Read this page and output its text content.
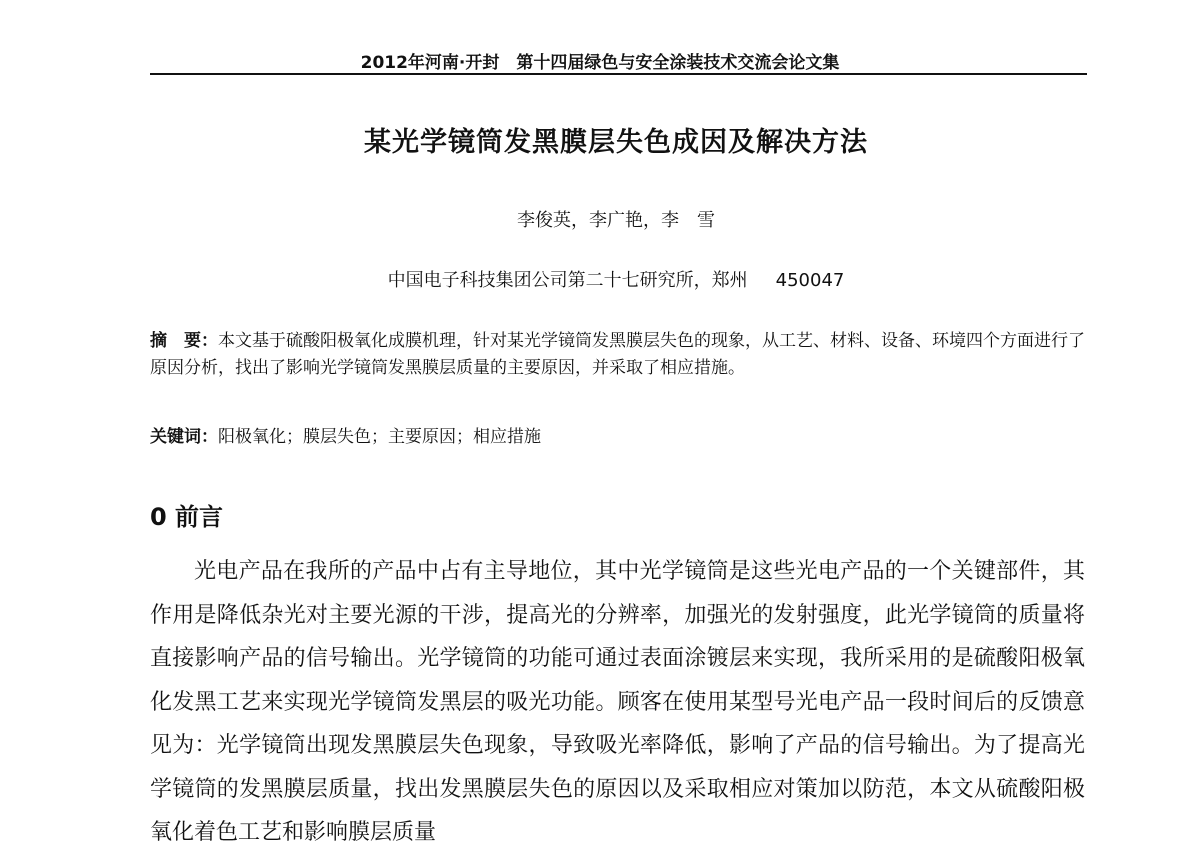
2012年河南·开封　第十四届绿色与安全涂装技术交流会论文集
某光学镜筒发黑膜层失色成因及解决方法
李俊英，李广艳，李　雪
中国电子科技集团公司第二十七研究所，郑州 450047
摘　要：本文基于硫酸阳极氧化成膜机理，针对某光学镜筒发黑膜层失色的现象，从工艺、材料、设备、环境四个方面进行了原因分析，找出了影响光学镜筒发黑膜层质量的主要原因，并采取了相应措施。
关键词：阳极氧化；膜层失色；主要原因；相应措施
0 前言
光电产品在我所的产品中占有主导地位，其中光学镜筒是这些光电产品的一个关键部件，其作用是降低杂光对主要光源的干涉，提高光的分辨率，加强光的发射强度，此光学镜筒的质量将直接影响产品的信号输出。光学镜筒的功能可通过表面涂镀层来实现，我所采用的是硫酸阳极氧化发黑工艺来实现光学镜筒发黑层的吸光功能。顾客在使用某型号光电产品一段时间后的反馈意见为：光学镜筒出现发黑膜层失色现象，导致吸光率降低，影响了产品的信号输出。为了提高光学镜筒的发黑膜层质量，找出发黑膜层失色的原因以及采取相应对策加以防范，本文从硫酸阳极氧化着色工艺和影响膜层质量
